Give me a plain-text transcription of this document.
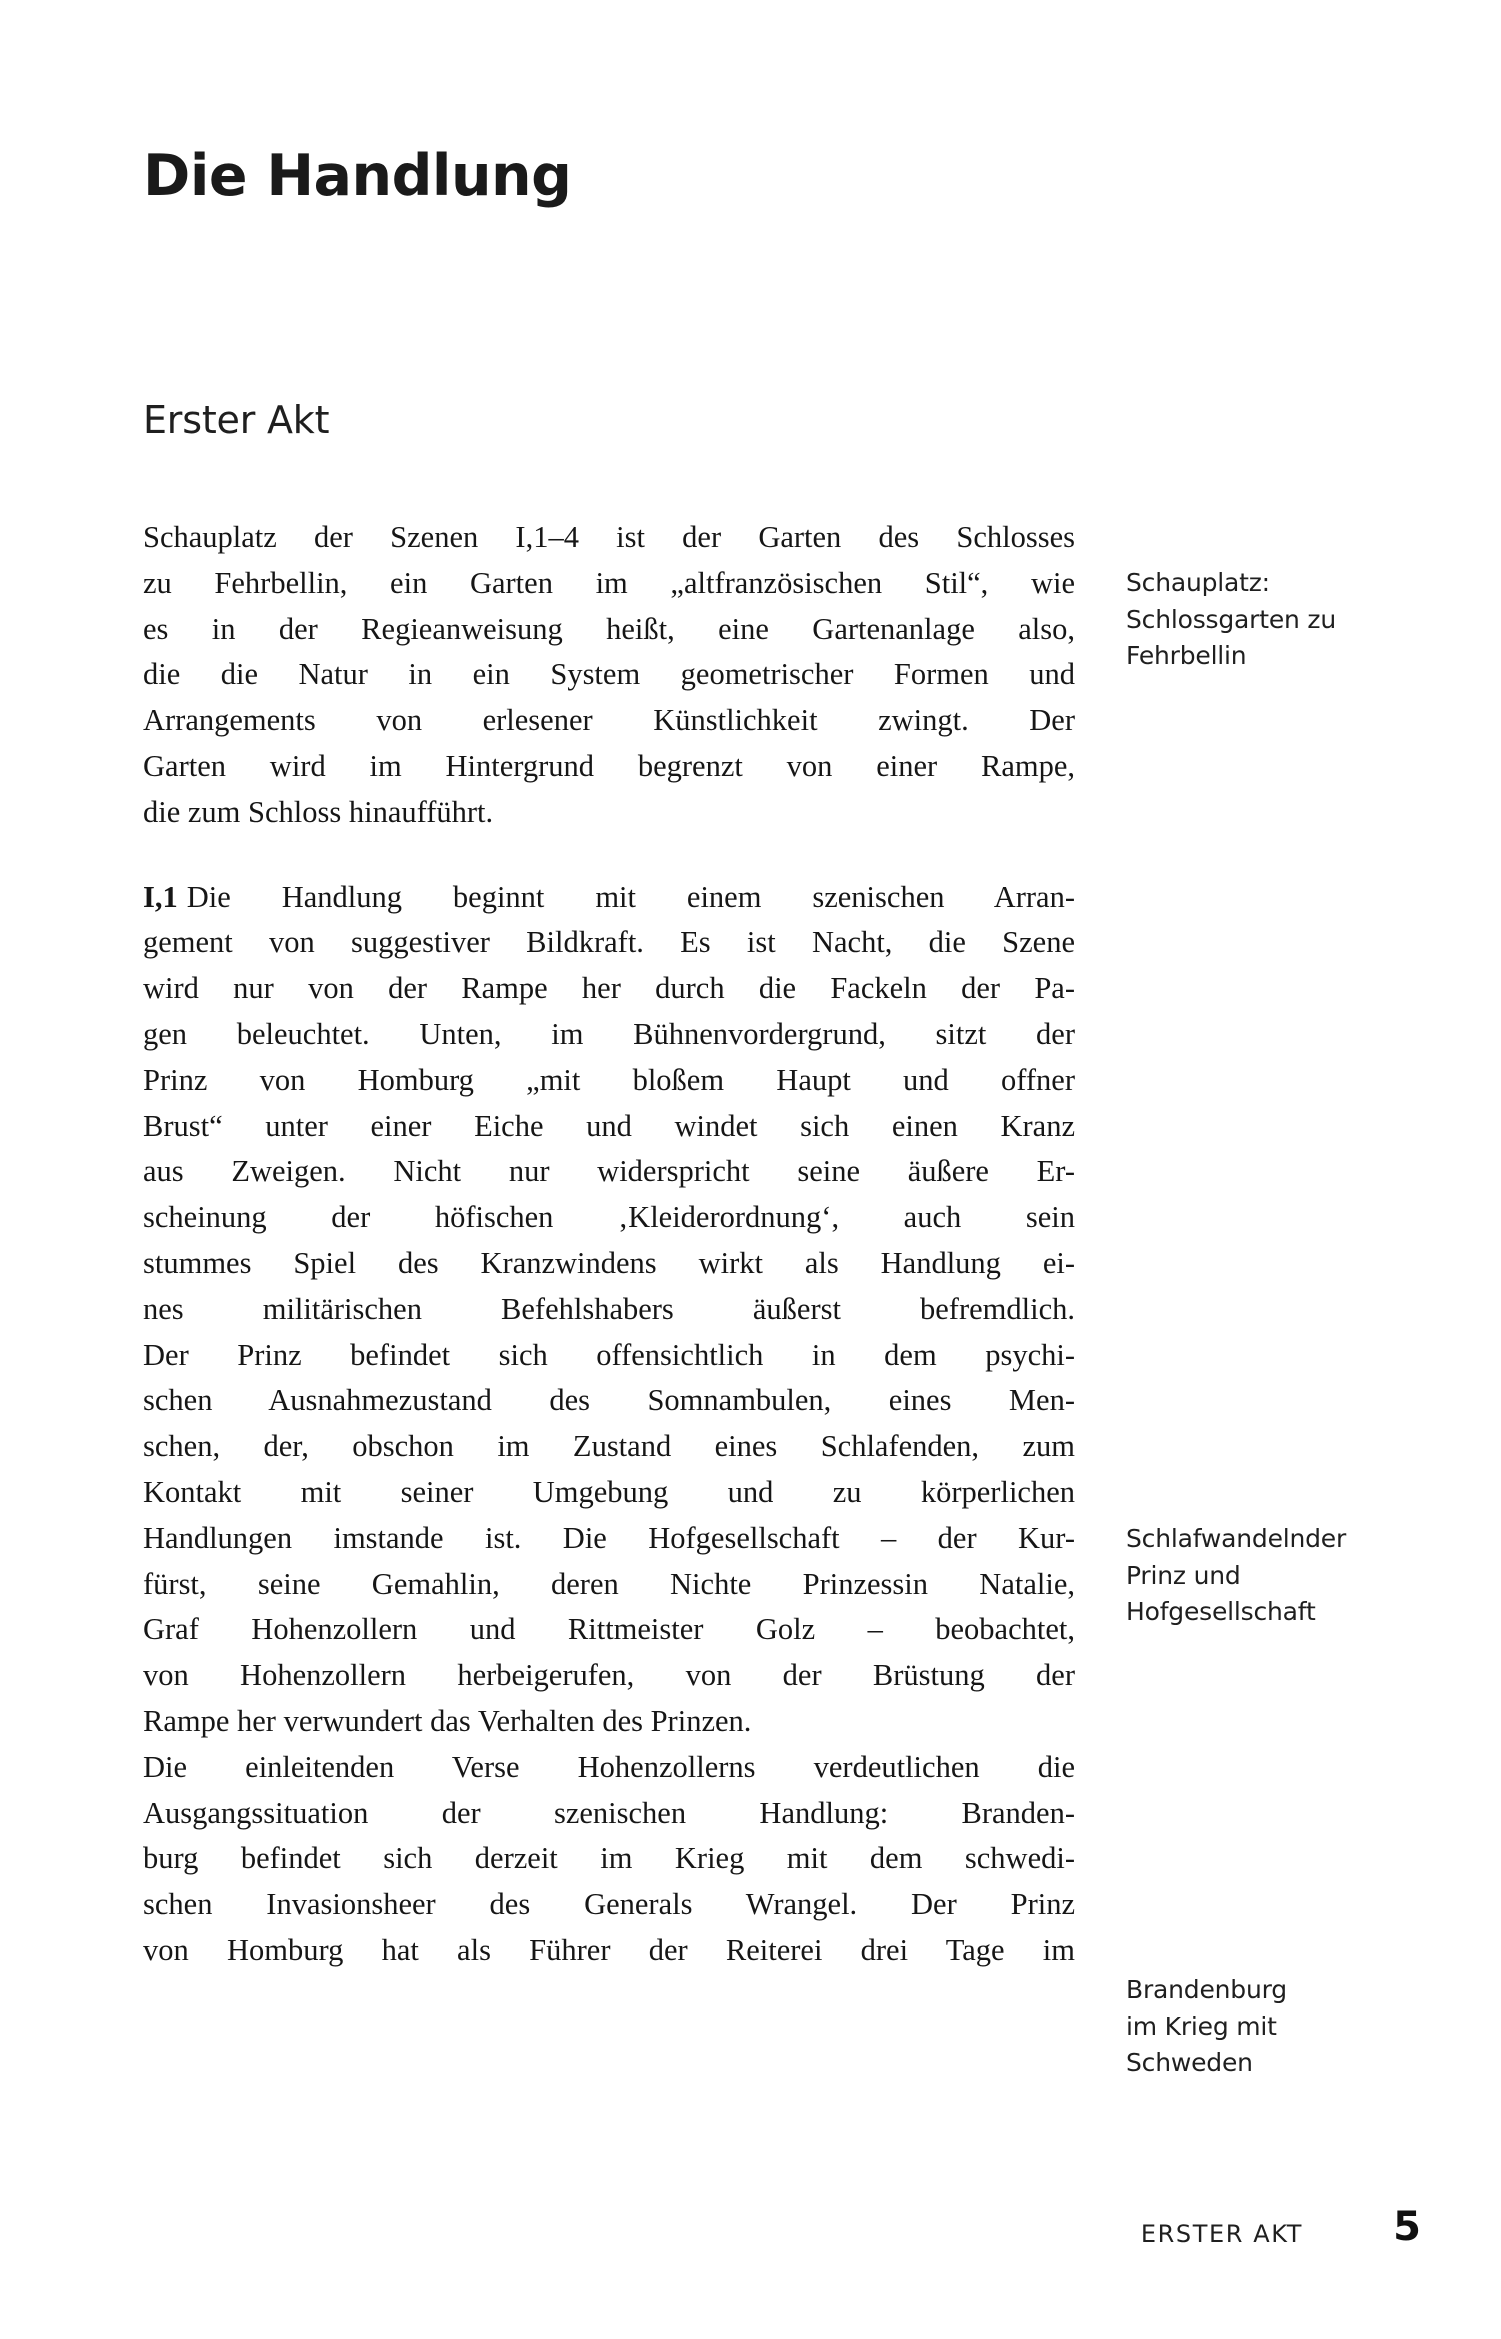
Die Handlung
Erster Akt

Schauplatz der Szenen I,1–4 ist der Garten des Schlosses
zu Fehrbellin, ein Garten im „altfranzösischen Stil“, wie
es in der Regieanweisung heißt, eine Gartenanlage also,
die die Natur in ein System geometrischer Formen und
Arrangements von erlesener Künstlichkeit zwingt. Der
Garten wird im Hintergrund begrenzt von einer Rampe,
die zum Schloss hinaufführt.

I,1 Die Handlung beginnt mit einem szenischen Arran-
gement von suggestiver Bildkraft. Es ist Nacht, die Szene
wird nur von der Rampe her durch die Fackeln der Pa-
gen beleuchtet. Unten, im Bühnenvordergrund, sitzt der
Prinz von Homburg „mit bloßem Haupt und offner
Brust“ unter einer Eiche und windet sich einen Kranz
aus Zweigen. Nicht nur widerspricht seine äußere Er-
scheinung der höfischen ‚Kleiderordnung‘, auch sein
stummes Spiel des Kranzwindens wirkt als Handlung ei-
nes militärischen Befehlshabers äußerst befremdlich.
Der Prinz befindet sich offensichtlich in dem psychi-
schen Ausnahmezustand des Somnambulen, eines Men-
schen, der, obschon im Zustand eines Schlafenden, zum
Kontakt mit seiner Umgebung und zu körperlichen
Handlungen imstande ist. Die Hofgesellschaft – der Kur-
fürst, seine Gemahlin, deren Nichte Prinzessin Natalie,
Graf Hohenzollern und Rittmeister Golz – beobachtet,
von Hohenzollern herbeigerufen, von der Brüstung der
Rampe her verwundert das Verhalten des Prinzen.

Die einleitenden Verse Hohenzollerns verdeutlichen die
Ausgangssituation der szenischen Handlung: Branden-
burg befindet sich derzeit im Krieg mit dem schwedi-
schen Invasionsheer des Generals Wrangel. Der Prinz
von Homburg hat als Führer der Reiterei drei Tage im

Schauplatz:
Schlossgarten zu
Fehrbellin
Schlafwandelnder
Prinz und
Hofgesellschaft
Brandenburg
im Krieg mit
Schweden
ERSTER AKT 5
